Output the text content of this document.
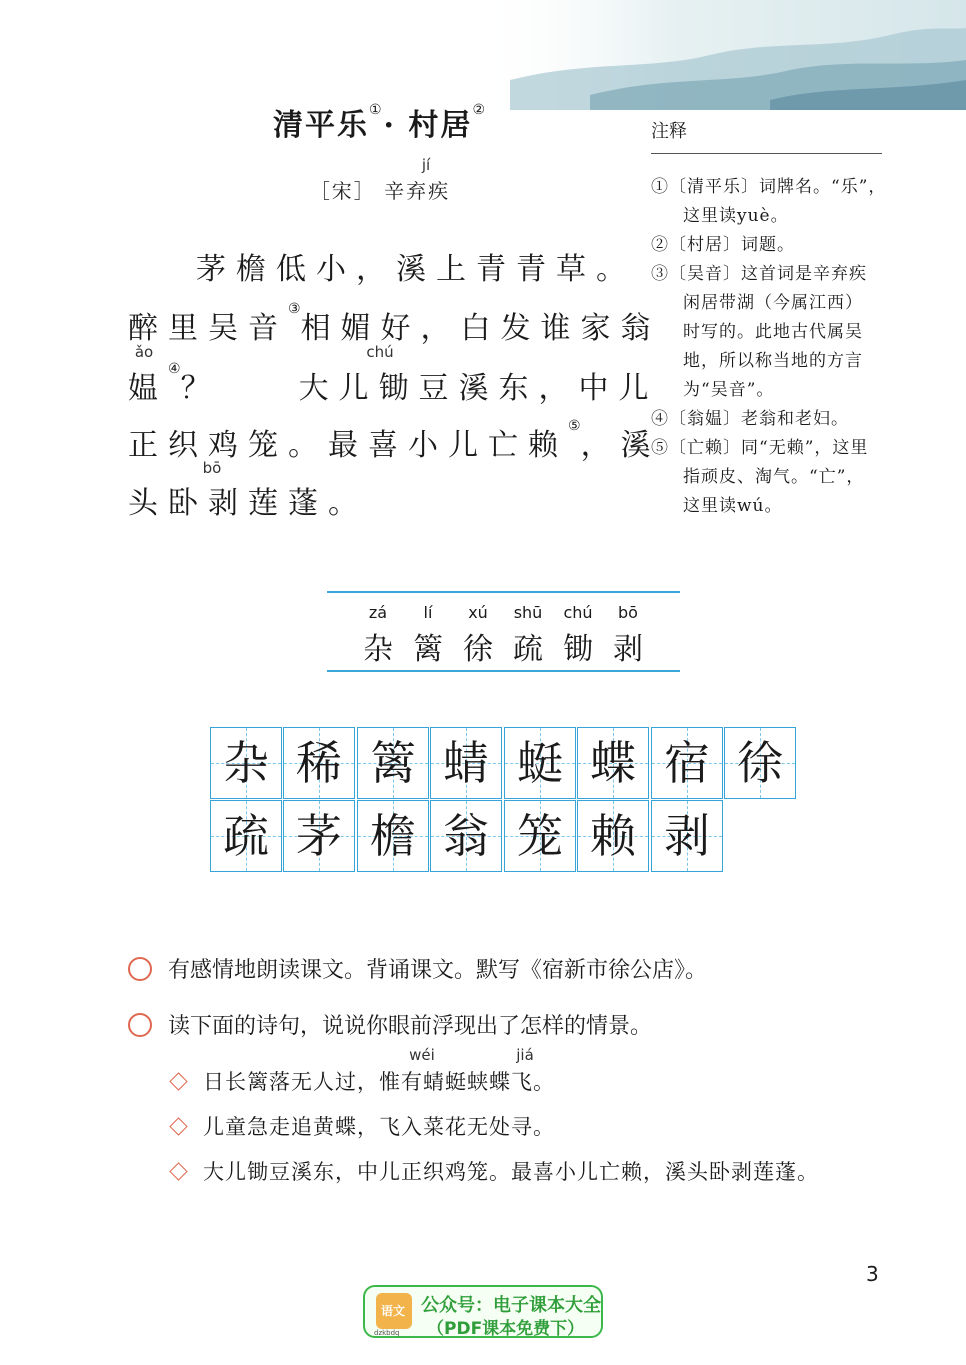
清平乐①· 村居②
jí
［宋］ 辛弃疾
茅檐低小，溪上青青草。
醉里吴音③相媚好，白发谁家翁
ǎo	chú
媪④？	大儿锄豆溪东，中儿
正织鸡笼。最喜小儿亡赖⑤，溪
bō
头卧剥莲蓬。
注释
①〔清平乐〕词牌名。“乐”，
这里读yuè。
②〔村居〕词题。
③〔吴音〕这首词是辛弃疾
闲居带湖（今属江西）
时写的。此地古代属吴
地，所以称当地的方言
为“吴音”。
④〔翁媪〕老翁和老妇。
⑤〔亡赖〕同“无赖”，这里
指顽皮、淘气。“亡”，
这里读wú。
zá	lí	xú	shū	chú	bō
杂 篱 徐 疏 锄 剥
杂 稀 篱 蜻 蜓 蝶 宿 徐
疏 茅 檐 翁 笼 赖 剥
有感情地朗读课文。背诵课文。默写《宿新市徐公店》。
读下面的诗句，说说你眼前浮现出了怎样的情景。
wéi	jiá
日长篱落无人过，惟有蜻蜓蛱蝶飞。
儿童急走追黄蝶，飞入菜花无处寻。
大儿锄豆溪东，中儿正织鸡笼。最喜小儿亡赖，溪头卧剥莲蓬。
3
语文
dzkbdq
公众号：电子课本大全
（PDF课本免费下）
